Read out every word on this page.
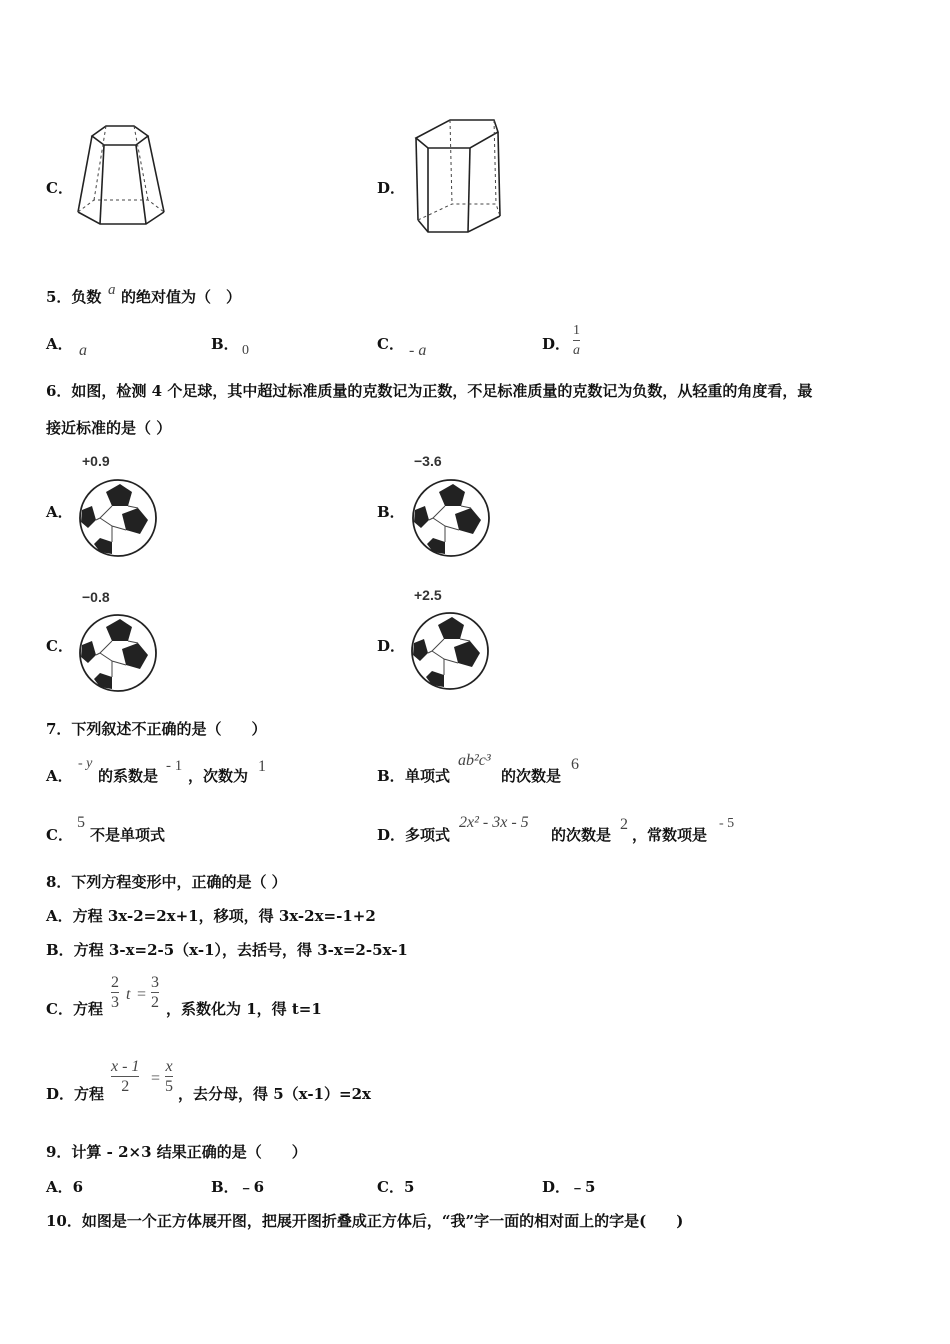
C．	D．
5．负数 a 的绝对值为（　）
A． a	B． 0	C． - a	D．
1
a
6．如图，检测 4 个足球，其中超过标准质量的克数记为正数，不足标准质量的克数记为负数，从轻重的角度看，最
接近标准的是（ ）
A．
+0.9
B．
−3.6
C．
−0.8
D．
+2.5
7．下列叙述不正确的是（　　）
A．
- y
的系数是
- 1
，次数为
1
B． 单项式
ab²c³
的次数是
6
C．
5
不是单项式	D． 多项式
2x² - 3x - 5
的次数是
2
，常数项是
- 5
8．下列方程变形中，正确的是（ ）
A．方程 3x-2=2x+1，移项，得 3x-2x=-1+2
B．方程 3-x=2-5（x-1），去括号，得 3-x=2-5x-1
C．方程
2
3 t =
3
2 ，系数化为 1，得 t=1
D．方程
x - 1
2 =
x
5 ，去分母，得 5（x-1）=2x
9．计算 - 2×3 结果正确的是（　　）
A．6	B．﹣6	C．5	D．﹣5
10．如图是一个正方体展开图，把展开图折叠成正方体后，“我”字一面的相对面上的字是(　　)
